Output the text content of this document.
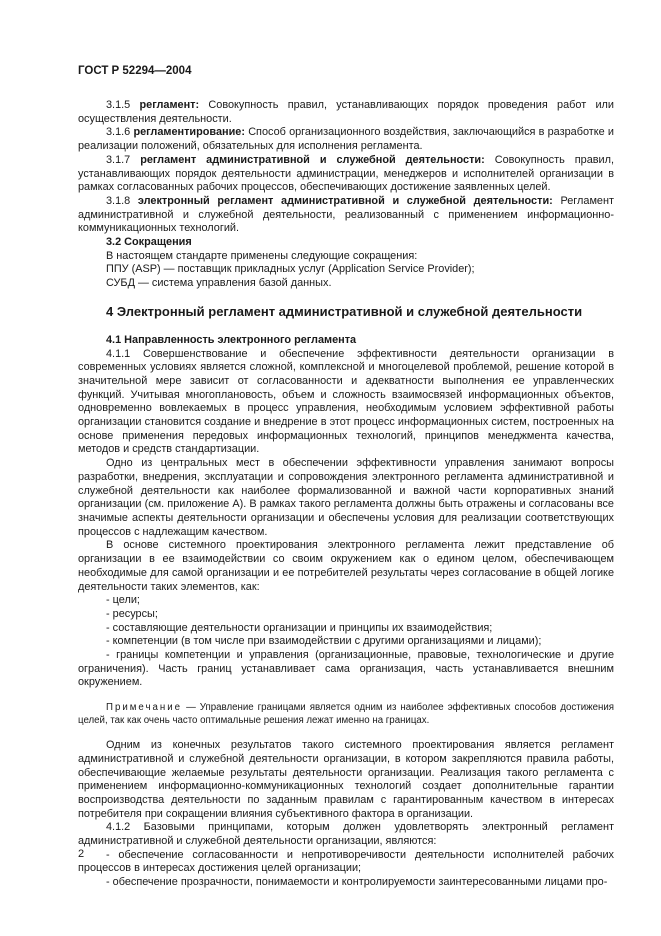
ГОСТ Р 52294—2004

3.1.5 регламент: Совокупность правил, устанавливающих порядок проведения работ или осуществления деятельности.

3.1.6 регламентирование: Способ организационного воздействия, заключающийся в разработке и реализации положений, обязательных для исполнения регламента.

3.1.7 регламент административной и служебной деятельности: Совокупность правил, устанавливающих порядок деятельности администрации, менеджеров и исполнителей организации в рамках согласованных рабочих процессов, обеспечивающих достижение заявленных целей.

3.1.8 электронный регламент административной и служебной деятельности: Регламент административной и служебной деятельности, реализованный с применением информационно-коммуникационных технологий.

3.2 Сокращения

В настоящем стандарте применены следующие сокращения:

ППУ (ASP) — поставщик прикладных услуг (Application Service Provider);

СУБД — система управления базой данных.

4 Электронный регламент административной и служебной деятельности
4.1 Направленность электронного регламента

4.1.1 Совершенствование и обеспечение эффективности деятельности организации в современных условиях является сложной, комплексной и многоцелевой проблемой, решение которой в значительной мере зависит от согласованности и адекватности выполнения ее управленческих функций. Учитывая многоплановость, объем и сложность взаимосвязей информационных объектов, одновременно вовлекаемых в процесс управления, необходимым условием эффективной работы организации становится создание и внедрение в этот процесс информационных систем, построенных на основе применения передовых информационных технологий, принципов менеджмента качества, методов и средств стандартизации.

Одно из центральных мест в обеспечении эффективности управления занимают вопросы разработки, внедрения, эксплуатации и сопровождения электронного регламента административной и служебной деятельности как наиболее формализованной и важной части корпоративных знаний организации (см. приложение А). В рамках такого регламента должны быть отражены и согласованы все значимые аспекты деятельности организации и обеспечены условия для реализации соответствующих процессов с надлежащим качеством.

В основе системного проектирования электронного регламента лежит представление об организации в ее взаимодействии со своим окружением как о едином целом, обеспечивающем необходимые для самой организации и ее потребителей результаты через согласование в общей логике деятельности таких элементов, как:

- цели;
- ресурсы;
- составляющие деятельности организации и принципы их взаимодействия;
- компетенции (в том числе при взаимодействии с другими организациями и лицами);
- границы компетенции и управления (организационные, правовые, технологические и другие ограничения). Часть границ устанавливает сама организация, часть устанавливается внешним окружением.

Примечание — Управление границами является одним из наиболее эффективных способов достижения целей, так как очень часто оптимальные решения лежат именно на границах.

Одним из конечных результатов такого системного проектирования является регламент административной и служебной деятельности организации, в котором закрепляются правила работы, обеспечивающие желаемые результаты деятельности организации. Реализация такого регламента с применением информационно-коммуникационных технологий создает дополнительные гарантии воспроизводства деятельности по заданным правилам с гарантированным качеством в интересах потребителя при сокращении влияния субъективного фактора в организации.

4.1.2 Базовыми принципами, которым должен удовлетворять электронный регламент административной и служебной деятельности организации, являются:

- обеспечение согласованности и непротиворечивости деятельности исполнителей рабочих процессов в интересах достижения целей организации;
- обеспечение прозрачности, понимаемости и контролируемости заинтересованными лицами про-
2
